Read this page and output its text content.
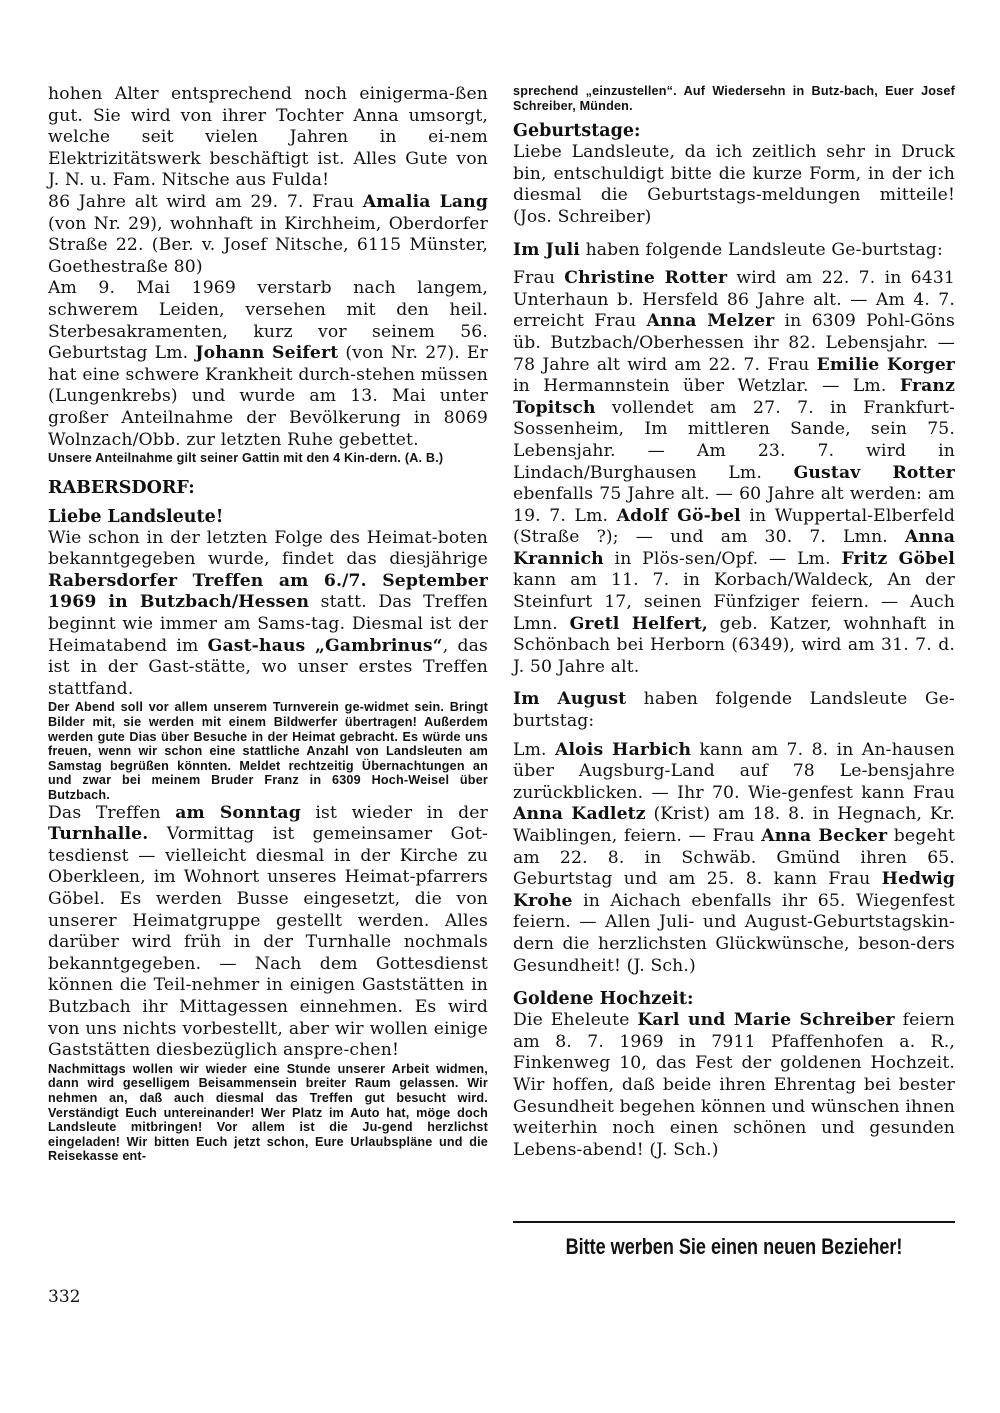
hohen Alter entsprechend noch einigerma-ßen gut. Sie wird von ihrer Tochter Anna umsorgt, welche seit vielen Jahren in ei-nem Elektrizitätswerk beschäftigt ist. Alles Gute von J. N. u. Fam. Nitsche aus Fulda!

86 Jahre alt wird am 29. 7. Frau Amalia Lang (von Nr. 29), wohnhaft in Kirchheim, Oberdorfer Straße 22. (Ber. v. Josef Nitsche, 6115 Münster, Goethestraße 80)

Am 9. Mai 1969 verstarb nach langem, schwerem Leiden, versehen mit den heil. Sterbesakramenten, kurz vor seinem 56. Geburtstag Lm. Johann Seifert (von Nr. 27). Er hat eine schwere Krankheit durch-stehen müssen (Lungenkrebs) und wurde am 13. Mai unter großer Anteilnahme der Bevölkerung in 8069 Wolnzach/Obb. zur letzten Ruhe gebettet.

Unsere Anteilnahme gilt seiner Gattin mit den 4 Kin-dern. (A. B.)

RABERSDORF:
Liebe Landsleute!

Wie schon in der letzten Folge des Heimat-boten bekanntgegeben wurde, findet das diesjährige Rabersdorfer Treffen am 6./7. September 1969 in Butzbach/Hessen statt. Das Treffen beginnt wie immer am Sams-tag. Diesmal ist der Heimatabend im Gast-haus „Gambrinus“, das ist in der Gast-stätte, wo unser erstes Treffen stattfand.

Der Abend soll vor allem unserem Turnverein ge-widmet sein. Bringt Bilder mit, sie werden mit einem Bildwerfer übertragen! Außerdem werden gute Dias über Besuche in der Heimat gebracht. Es würde uns freuen, wenn wir schon eine stattliche Anzahl von Landsleuten am Samstag begrüßen könnten. Meldet rechtzeitig Übernachtungen an und zwar bei meinem Bruder Franz in 6309 Hoch-Weisel über Butzbach.

Das Treffen am Sonntag ist wieder in der Turnhalle. Vormittag ist gemeinsamer Got-tesdienst — vielleicht diesmal in der Kirche zu Oberkleen, im Wohnort unseres Heimat-pfarrers Göbel. Es werden Busse eingesetzt, die von unserer Heimatgruppe gestellt werden. Alles darüber wird früh in der Turnhalle nochmals bekanntgegeben. — Nach dem Gottesdienst können die Teil-nehmer in einigen Gaststätten in Butzbach ihr Mittagessen einnehmen. Es wird von uns nichts vorbestellt, aber wir wollen einige Gaststätten diesbezüglich anspre-chen!

Nachmittags wollen wir wieder eine Stunde unserer Arbeit widmen, dann wird geselligem Beisammensein breiter Raum gelassen. Wir nehmen an, daß auch diesmal das Treffen gut besucht wird. Verständigt Euch untereinander! Wer Platz im Auto hat, möge doch Landsleute mitbringen! Vor allem ist die Ju-gend herzlichst eingeladen! Wir bitten Euch jetzt schon, Eure Urlaubspläne und die Reisekasse ent-

sprechend „einzustellen“. Auf Wiedersehn in Butz-bach, Euer Josef Schreiber, Münden.

Geburtstage:

Liebe Landsleute, da ich zeitlich sehr in Druck bin, entschuldigt bitte die kurze Form, in der ich diesmal die Geburtstags-meldungen mitteile! (Jos. Schreiber)

Im Juli haben folgende Landsleute Ge-burtstag:

Frau Christine Rotter wird am 22. 7. in 6431 Unterhaun b. Hersfeld 86 Jahre alt. — Am 4. 7. erreicht Frau Anna Melzer in 6309 Pohl-Göns üb. Butzbach/Oberhessen ihr 82. Lebensjahr. — 78 Jahre alt wird am 22. 7. Frau Emilie Korger in Hermannstein über Wetzlar. — Lm. Franz Topitsch vollendet am 27. 7. in Frankfurt-Sossenheim, Im mittleren Sande, sein 75. Lebensjahr. — Am 23. 7. wird in Lindach/Burghausen Lm. Gustav Rotter ebenfalls 75 Jahre alt. — 60 Jahre alt werden: am 19. 7. Lm. Adolf Gö-bel in Wuppertal-Elberfeld (Straße ?); — und am 30. 7. Lmn. Anna Krannich in Plös-sen/Opf. — Lm. Fritz Göbel kann am 11. 7. in Korbach/Waldeck, An der Steinfurt 17, seinen Fünfziger feiern. — Auch Lmn. Gretl Helfert, geb. Katzer, wohnhaft in Schönbach bei Herborn (6349), wird am 31. 7. d. J. 50 Jahre alt.

Im August haben folgende Landsleute Ge-burtstag:

Lm. Alois Harbich kann am 7. 8. in An-hausen über Augsburg-Land auf 78 Le-bensjahre zurückblicken. — Ihr 70. Wie-genfest kann Frau Anna Kadletz (Krist) am 18. 8. in Hegnach, Kr. Waiblingen, feiern. — Frau Anna Becker begeht am 22. 8. in Schwäb. Gmünd ihren 65. Geburtstag und am 25. 8. kann Frau Hedwig Krohe in Aichach ebenfalls ihr 65. Wiegenfest feiern. — Allen Juli- und August-Geburtstagskin-dern die herzlichsten Glückwünsche, beson-ders Gesundheit! (J. Sch.)

Goldene Hochzeit:

Die Eheleute Karl und Marie Schreiber feiern am 8. 7. 1969 in 7911 Pfaffenhofen a. R., Finkenweg 10, das Fest der goldenen Hochzeit. Wir hoffen, daß beide ihren Ehrentag bei bester Gesundheit begehen können und wünschen ihnen weiterhin noch einen schönen und gesunden Lebens-abend! (J. Sch.)

Bitte werben Sie einen neuen Bezieher!
332
